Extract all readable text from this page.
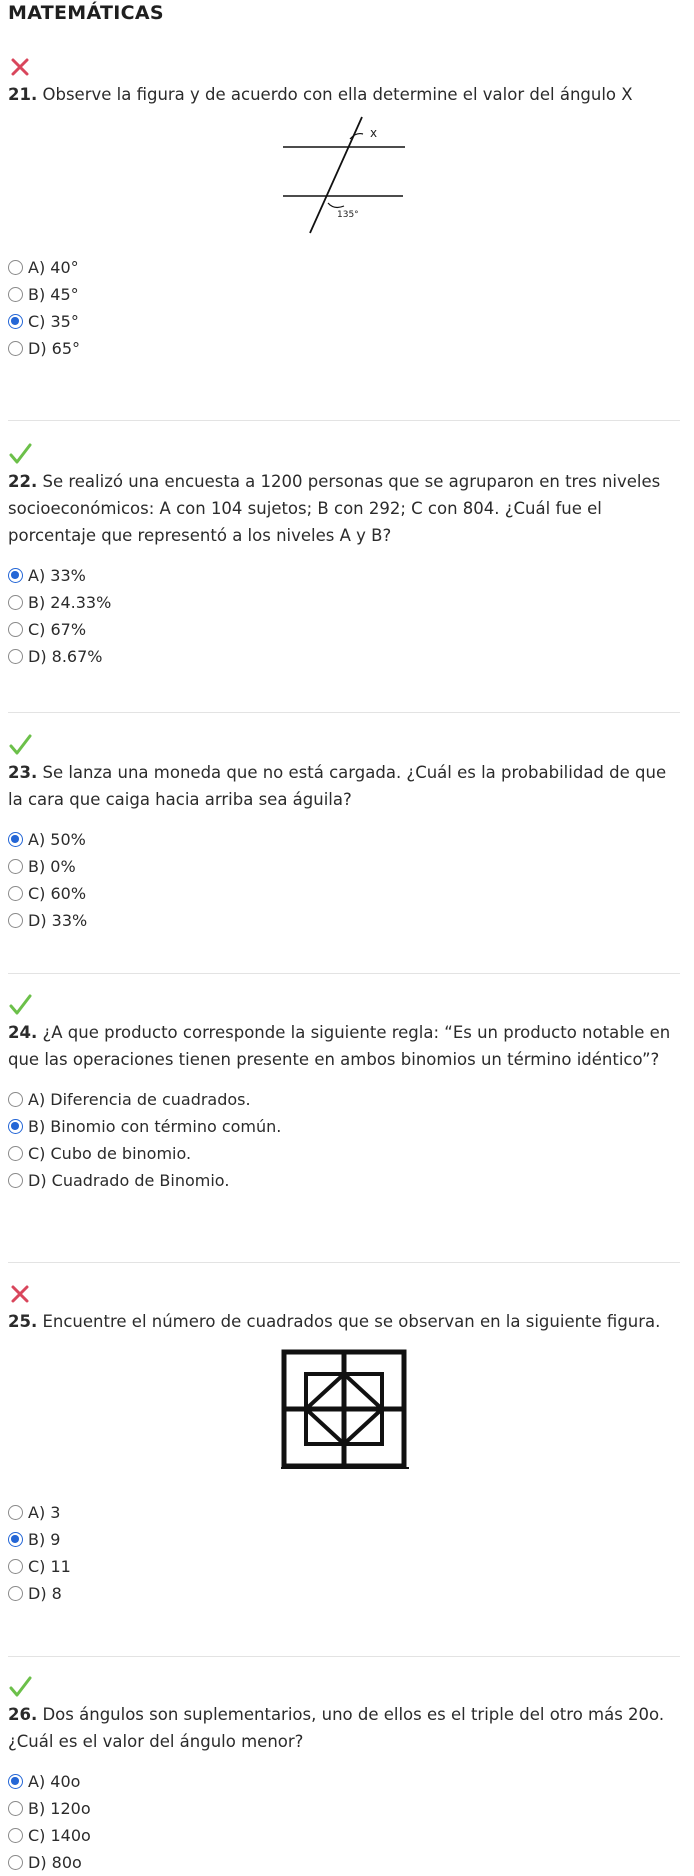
MATEMÁTICAS
21. Observe la figura y de acuerdo con ella determine el valor del ángulo X
x
135°
A) 40°
B) 45°
C) 35°
D) 65°
22. Se realizó una encuesta a 1200 personas que se agruparon en tres niveles socioeconómicos: A con 104 sujetos; B con 292; C con 804. ¿Cuál fue el porcentaje que representó a los niveles A y B?
A) 33%
B) 24.33%
C) 67%
D) 8.67%
23. Se lanza una moneda que no está cargada. ¿Cuál es la probabilidad de que la cara que caiga hacia arriba sea águila?
A) 50%
B) 0%
C) 60%
D) 33%
24. ¿A que producto corresponde la siguiente regla: “Es un producto notable en que las operaciones tienen presente en ambos binomios un término idéntico”?
A) Diferencia de cuadrados.
B) Binomio con término común.
C) Cubo de binomio.
D) Cuadrado de Binomio.
25. Encuentre el número de cuadrados que se observan en la siguiente figura.
A) 3
B) 9
C) 11
D) 8
26. Dos ángulos son suplementarios, uno de ellos es el triple del otro más 20o. ¿Cuál es el valor del ángulo menor?
A) 40o
B) 120o
C) 140o
D) 80o
